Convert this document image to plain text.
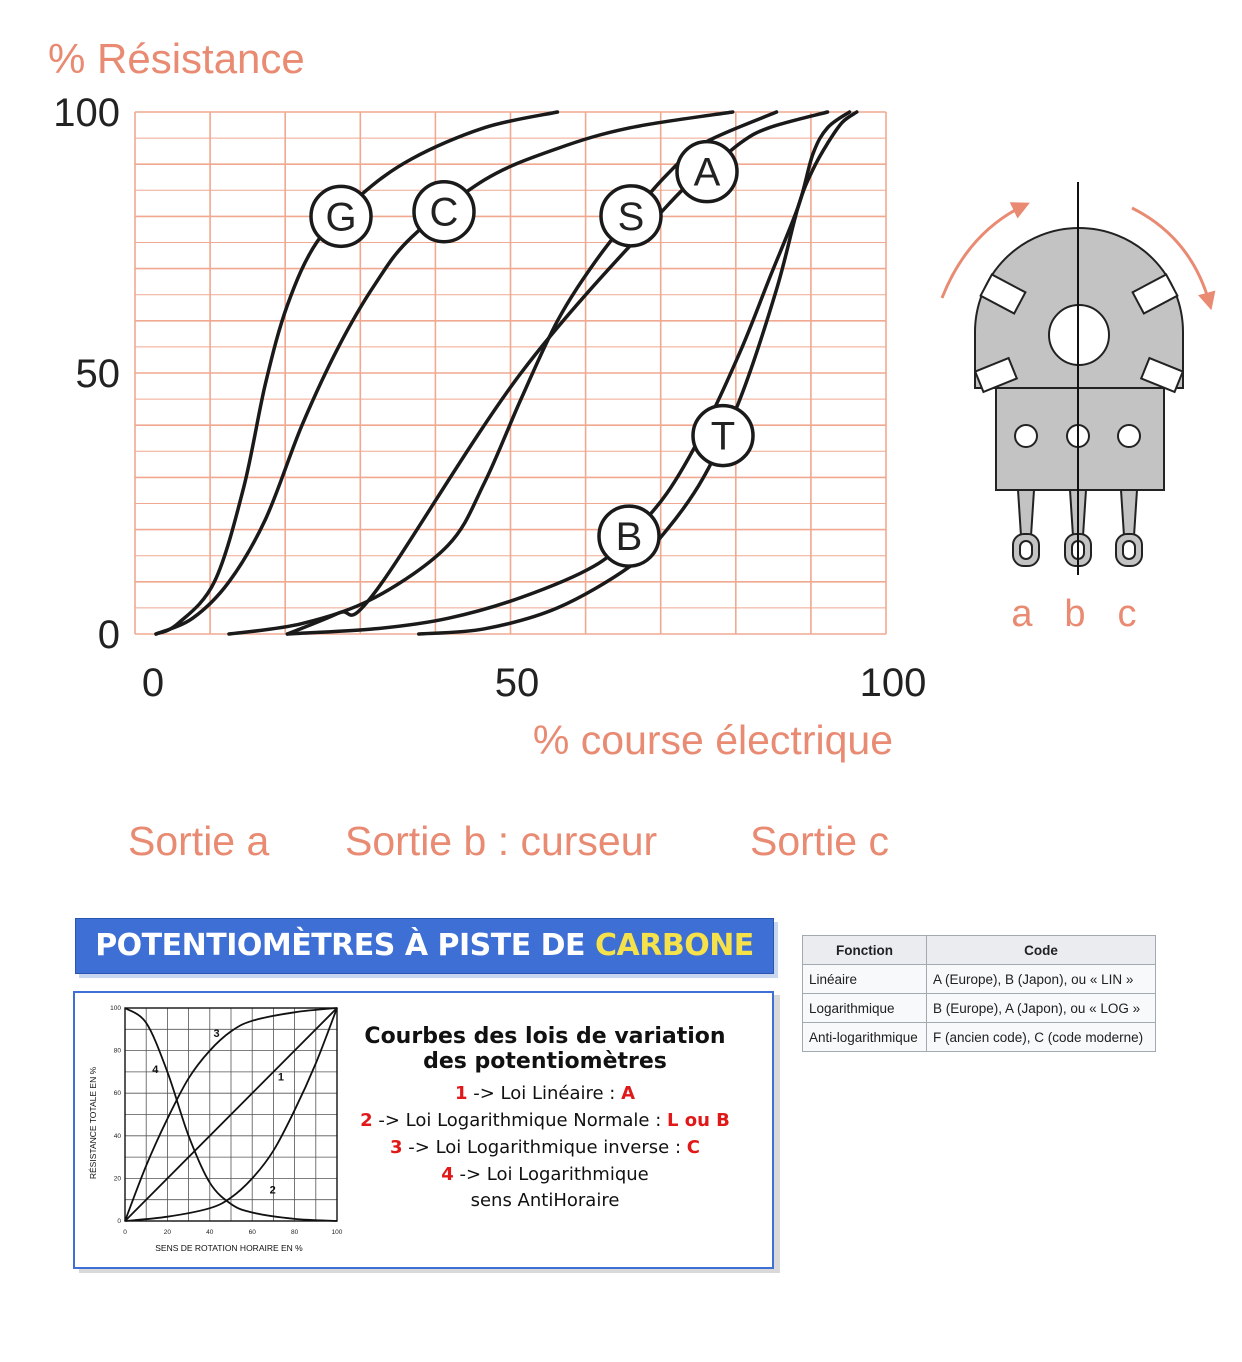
% Résistance
0
50
100
0	50	100
G C	S
A
B
T
% course électrique
a b c
Sortie a Sortie b : curseur Sortie c
POTENTIOMÈTRES À PISTE DE CARBONE
0
20
40
60
80
100
0	20	40	60	80	100
1
2
3
4
RÉSISTANCE TOTALE EN %
SENS DE ROTATION HORAIRE EN %
Courbes des lois de variation
des potentiomètres
1 -> Loi Linéaire : A
2 -> Loi Logarithmique Normale : L ou B
3 -> Loi Logarithmique inverse : C
4 -> Loi Logarithmique
sens AntiHoraire
Fonction	Code
Linéaire	A (Europe), B (Japon), ou « LIN »
Logarithmique	B (Europe), A (Japon), ou « LOG »
Anti-logarithmique	F (ancien code), C (code moderne)
